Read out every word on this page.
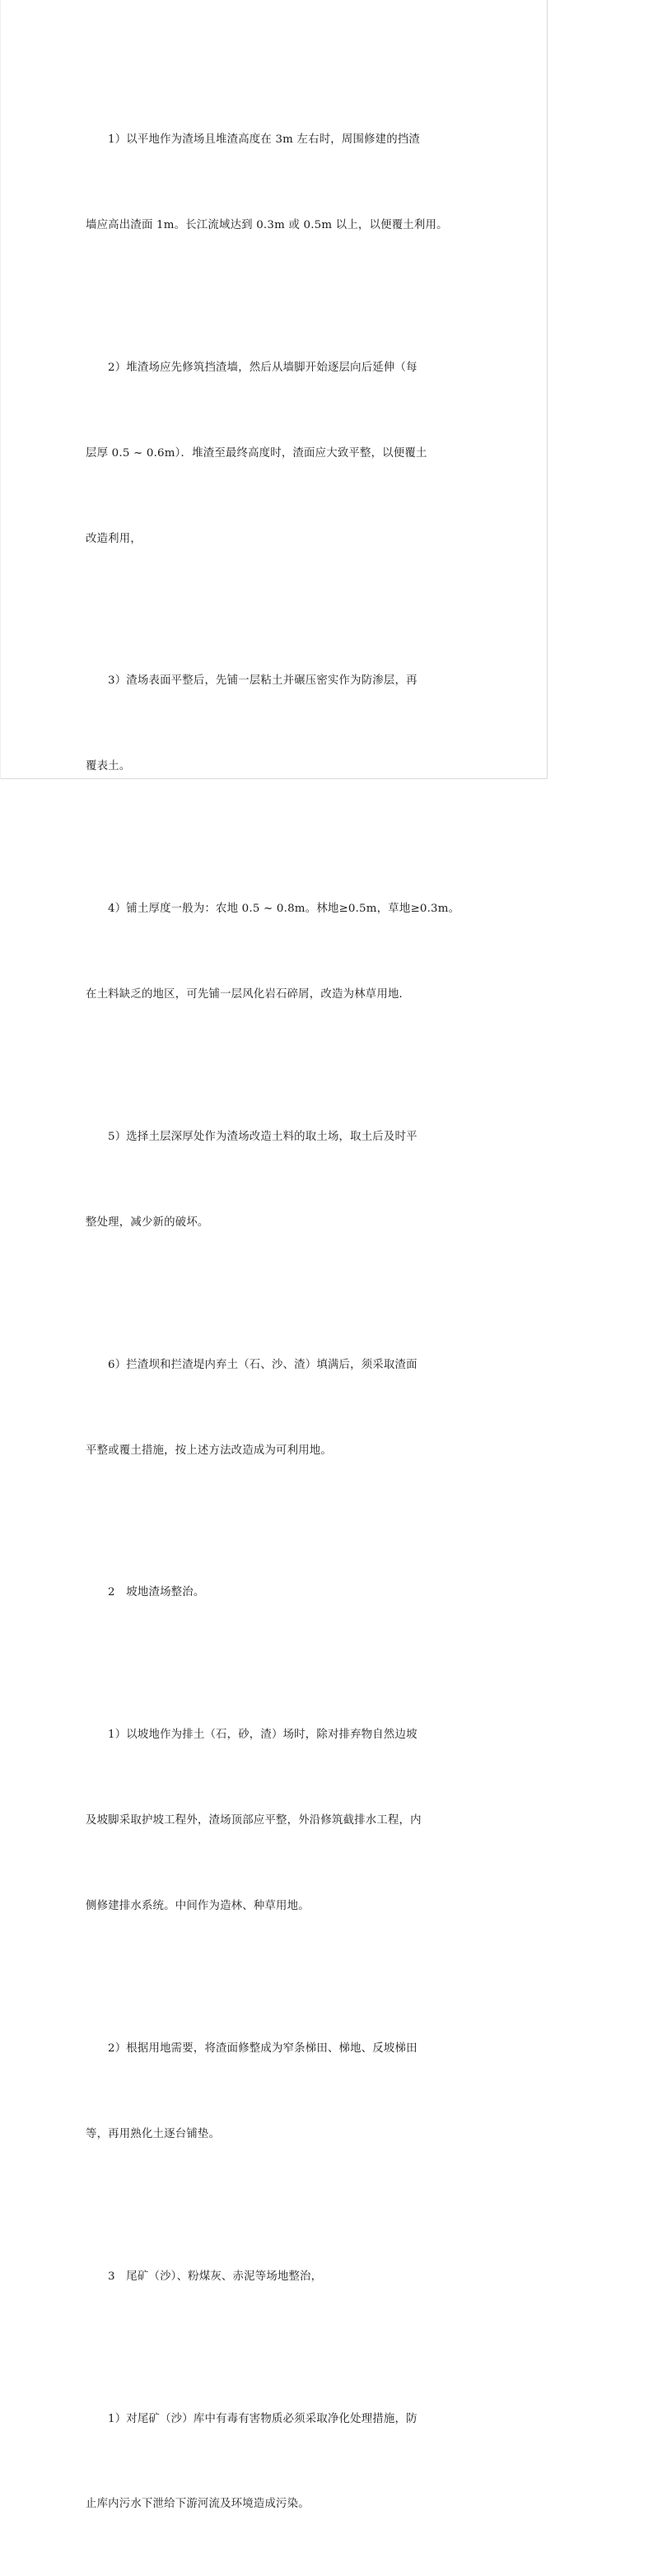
1）以平地作为渣场且堆渣高度在 3m 左右时，周围修建的挡渣

墙应高出渣面 1m。长江流域达到 0.3m 或 0.5m 以上，以便覆土利用。

2）堆渣场应先修筑挡渣墙，然后从墙脚开始逐层向后延伸（每

层厚 0.5 ~ 0.6m）．堆渣至最终高度时，渣面应大致平整，以便覆土

改造利用，

3）渣场表面平整后，先铺一层粘土并碾压密实作为防渗层，再

覆表土。

4）铺土厚度一般为：农地 0.5 ~ 0.8m。林地≥0.5m，草地≥0.3m。

在土料缺乏的地区，可先铺一层风化岩石碎屑，改造为林草用地．

5）选择土层深厚处作为渣场改造土料的取土场，取土后及时平

整处理，减少新的破坏。

6）拦渣坝和拦渣堤内弃土（石、沙、渣）填满后，须采取渣面

平整或覆土措施，按上述方法改造成为可利用地。

2　坡地渣场整治。

1）以坡地作为排土（石，砂，渣）场时，除对排弃物自然边坡

及坡脚采取护坡工程外，渣场顶部应平整，外沿修筑截排水工程，内

侧修建排水系统。中间作为造林、种草用地。

2）根据用地需要，将渣面修整成为窄条梯田、梯地、反坡梯田

等，再用熟化土逐台铺垫。

3　尾矿（沙）、粉煤灰、赤泥等场地整治，

1）对尾矿（沙）库中有毒有害物质必须采取净化处理措施，防

止库内污水下泄给下游河流及环境造成污染。
